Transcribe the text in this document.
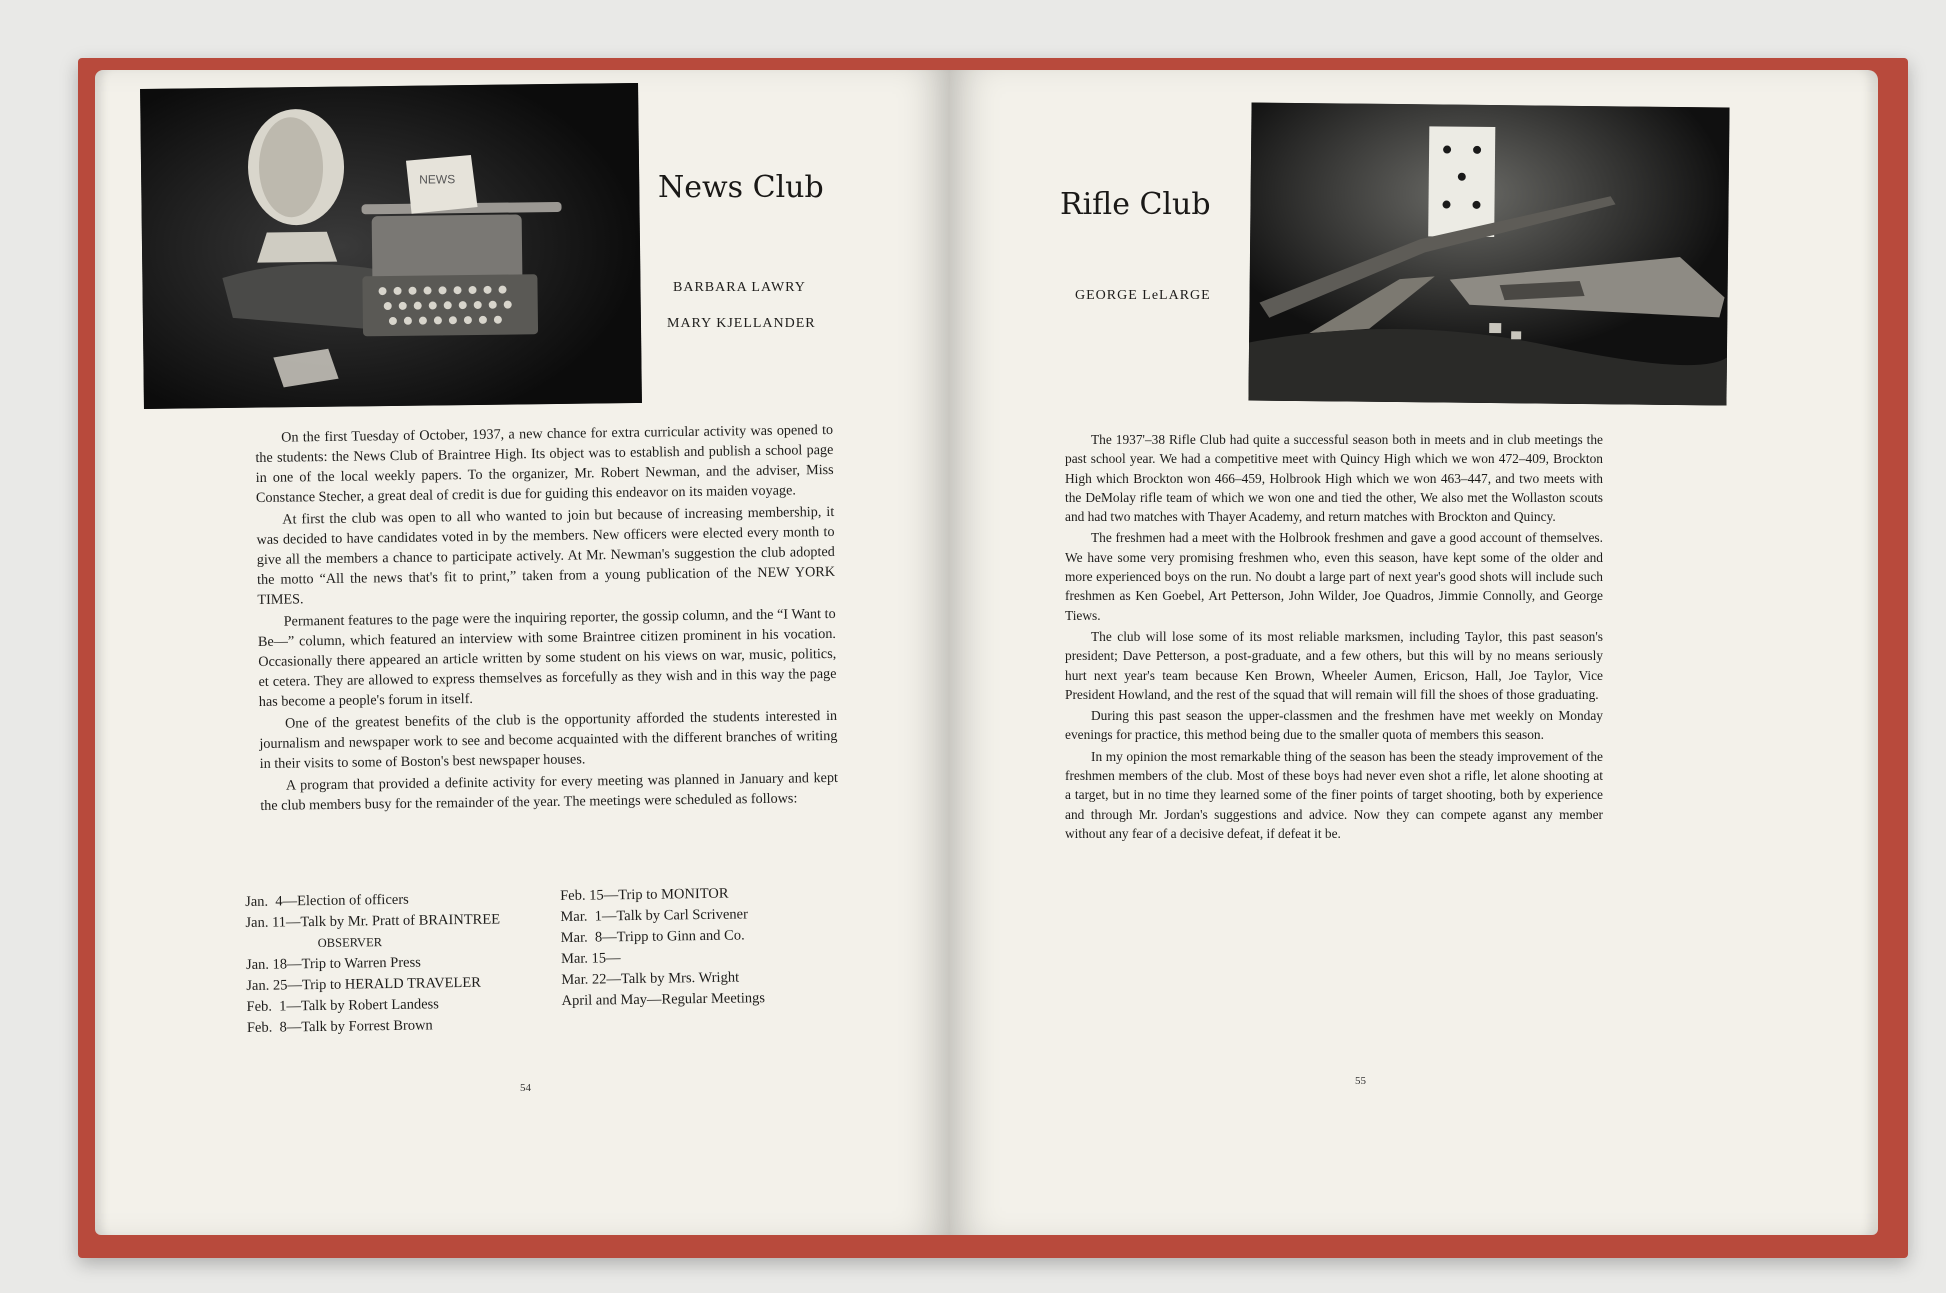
NEWS	News Club
BARBARA LAWRY
MARY KJELLANDER

On the first Tuesday of October, 1937, a new chance for extra curricular activity was opened to the students: the News Club of Braintree High. Its object was to establish and publish a school page in one of the local weekly papers. To the organizer, Mr. Robert Newman, and the adviser, Miss Constance Stecher, a great deal of credit is due for guiding this endeavor on its maiden voyage.

At first the club was open to all who wanted to join but because of increasing membership, it was decided to have candidates voted in by the members. New officers were elected every month to give all the members a chance to participate actively. At Mr. Newman's suggestion the club adopted the motto “All the news that's fit to print,” taken from a young publication of the NEW YORK TIMES.

Permanent features to the page were the inquiring reporter, the gossip column, and the “I Want to Be—” column, which featured an interview with some Braintree citizen prominent in his vocation. Occasionally there appeared an article written by some student on his views on war, music, politics, et cetera. They are allowed to express themselves as forcefully as they wish and in this way the page has become a people's forum in itself.

One of the greatest benefits of the club is the opportunity afforded the students interested in journalism and newspaper work to see and become acquainted with the different branches of writing in their visits to some of Boston's best newspaper houses.

A program that provided a definite activity for every meeting was planned in January and kept the club members busy for the remainder of the year. The meetings were scheduled as follows:

Jan.  4—Election of officers
Jan. 11—Talk by Mr. Pratt of BRAINTREE
OBSERVER
Jan. 18—Trip to Warren Press
Jan. 25—Trip to HERALD TRAVELER
Feb.  1—Talk by Robert Landess
Feb.  8—Talk by Forrest Brown
Feb. 15—Trip to MONITOR
Mar.  1—Talk by Carl Scrivener
Mar.  8—Tripp to Ginn and Co.
Mar. 15—
Mar. 22—Talk by Mrs. Wright
April and May—Regular Meetings
54
Rifle Club
GEORGE LeLARGE

The 1937'–38 Rifle Club had quite a successful season both in meets and in club meetings the past school year. We had a competitive meet with Quincy High which we won 472–409, Brockton High which Brockton won 466–459, Holbrook High which we won 463–447, and two meets with the DeMolay rifle team of which we won one and tied the other, We also met the Wollaston scouts and had two matches with Thayer Academy, and return matches with Brockton and Quincy.

The freshmen had a meet with the Holbrook freshmen and gave a good account of themselves. We have some very promising freshmen who, even this season, have kept some of the older and more experienced boys on the run. No doubt a large part of next year's good shots will include such freshmen as Ken Goebel, Art Petterson, John Wilder, Joe Quadros, Jimmie Connolly, and George Tiews.

The club will lose some of its most reliable marksmen, including Taylor, this past season's president; Dave Petterson, a post-graduate, and a few others, but this will by no means seriously hurt next year's team because Ken Brown, Wheeler Aumen, Ericson, Hall, Joe Taylor, Vice President Howland, and the rest of the squad that will remain will fill the shoes of those graduating.

During this past season the upper-classmen and the freshmen have met weekly on Monday evenings for practice, this method being due to the smaller quota of members this season.

In my opinion the most remarkable thing of the season has been the steady improvement of the freshmen members of the club. Most of these boys had never even shot a rifle, let alone shooting at a target, but in no time they learned some of the finer points of target shooting, both by experience and through Mr. Jordan's suggestions and advice. Now they can compete aganst any member without any fear of a decisive defeat, if defeat it be.

55
